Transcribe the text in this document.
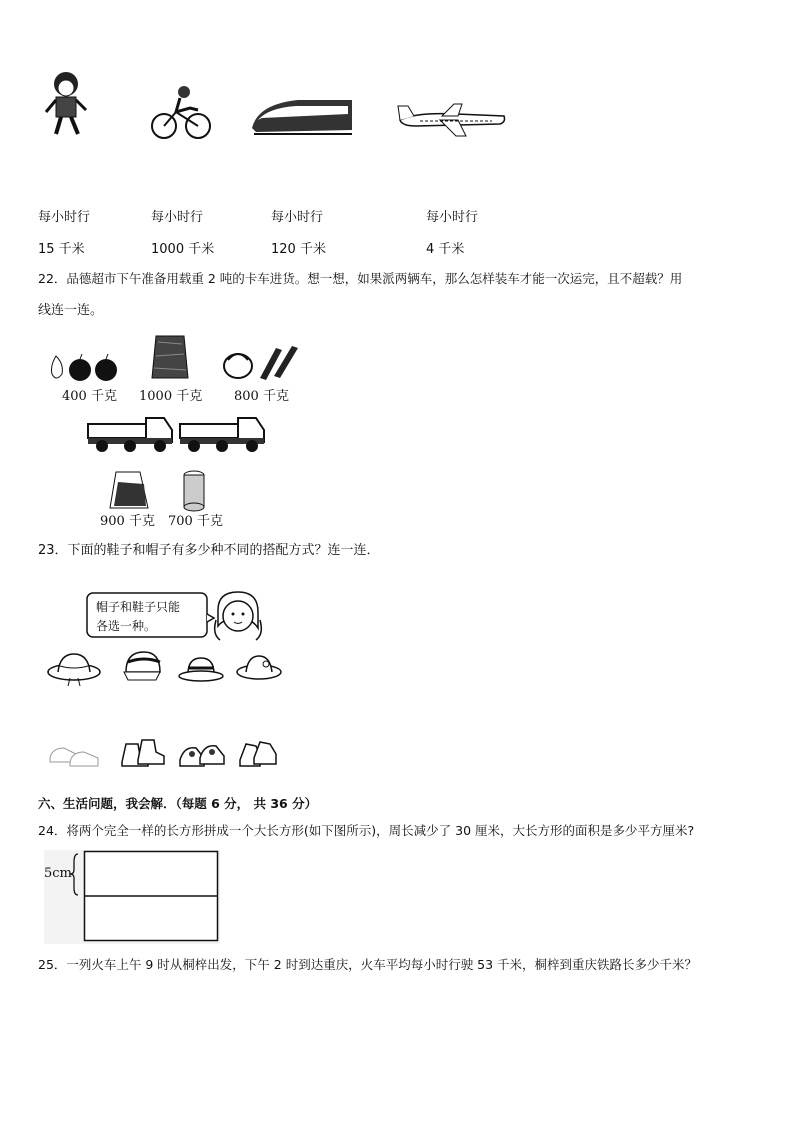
每小时行	每小时行	每小时行	每小时行
15 千米	1000 千米	120 千米	4 千米
22．品德超市下午准备用载重 2 吨的卡车进货。想一想，如果派两辆车，那么怎样装车才能一次运完，且不超载？用
线连一连。
400 千克 1000 千克 800 千克
900 千克 700 千克
23．下面的鞋子和帽子有多少种不同的搭配方式？连一连．
帽子和鞋子只能
各选一种。
六、生活问题，我会解．（每题 6 分， 共 36 分）
24．将两个完全一样的长方形拼成一个大长方形(如下图所示)，周长减少了 30 厘米，大长方形的面积是多少平方厘米?
5cm
25．一列火车上午 9 时从桐梓出发，下午 2 时到达重庆，火车平均每小时行驶 53 千米，桐梓到重庆铁路长多少千米？
